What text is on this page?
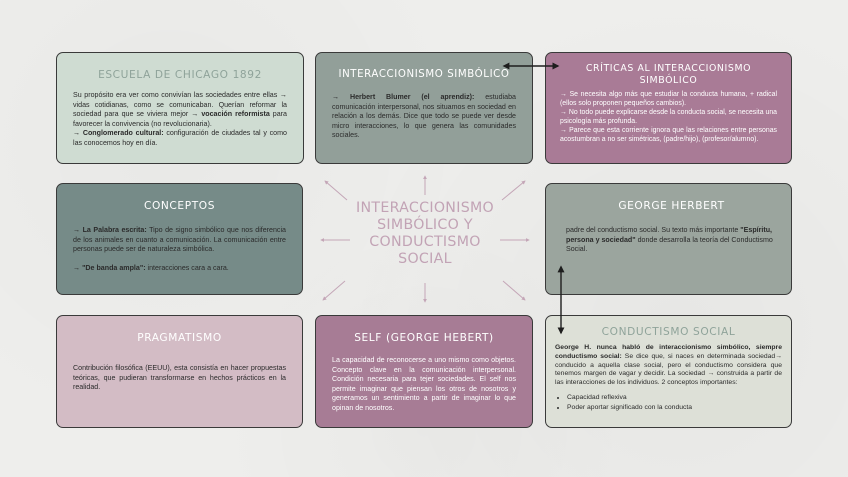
ESCUELA DE CHICAGO 1892

Su propósito era ver como convivían las sociedades entre ellas → vidas cotidianas, como se comunicaban. Querían reformar la sociedad para que se viviera mejor → vocación reformista para favorecer la convivencia (no revolucionaria).

→ Conglomerado cultural: configuración de ciudades tal y como las conocemos hoy en día.

INTERACCIONISMO SIMBÓLICO

→ Herbert Blumer (el aprendiz): estudiaba comunicación interpersonal, nos situamos en sociedad en relación a los demás. Dice que todo se puede ver desde micro interacciones, lo que genera las comunidades sociales.

CRÍTICAS AL INTERACCIONISMO SIMBÓLICO

→ Se necesita algo más que estudiar la conducta humana, + radical (ellos solo proponen pequeños cambios).

→ No todo puede explicarse desde la conducta social, se necesita una psicología más profunda.

→ Parece que esta corriente ignora que las relaciones entre personas acostumbran a no ser simétricas, (padre/hijo), (profesor/alumno).

CONCEPTOS

→ La Palabra escrita: Tipo de signo simbólico que nos diferencia de los animales en cuanto a comunicación. La comunicación entre personas puede ser de naturaleza simbólica.

→ "De banda ampla": interacciones cara a cara.

GEORGE HERBERT

padre del conductismo social. Su texto más importante "Espíritu, persona y sociedad" donde desarrolla la teoría del Conductismo Social.

PRAGMATISMO

Contribución filosófica (EEUU), esta consistía en hacer propuestas teóricas, que pudieran transformarse en hechos prácticos en la realidad.

SELF (GEORGE HEBERT)

La capacidad de reconocerse a uno mismo como objetos. Concepto clave en la comunicación interpersonal. Condición necesaria para tejer sociedades. El self nos permite imaginar que piensan los otros de nosotros y generamos un sentimiento a partir de imaginar lo que opinan de nosotros.

CONDUCTISMO SOCIAL

George H. nunca habló de interaccionismo simbólico, siempre conductismo social: Se dice que, si naces en determinada sociedad→ conducido a aquella clase social, pero el conductismo considera que tenemos margen de vagar y decidir. La sociedad → construida a partir de las interacciones de los individuos. 2 conceptos importantes:

• Capacidad reflexiva
• Poder aportar significado con la conducta
INTERACCIONISMO SIMBÓLICO Y CONDUCTISMO SOCIAL
